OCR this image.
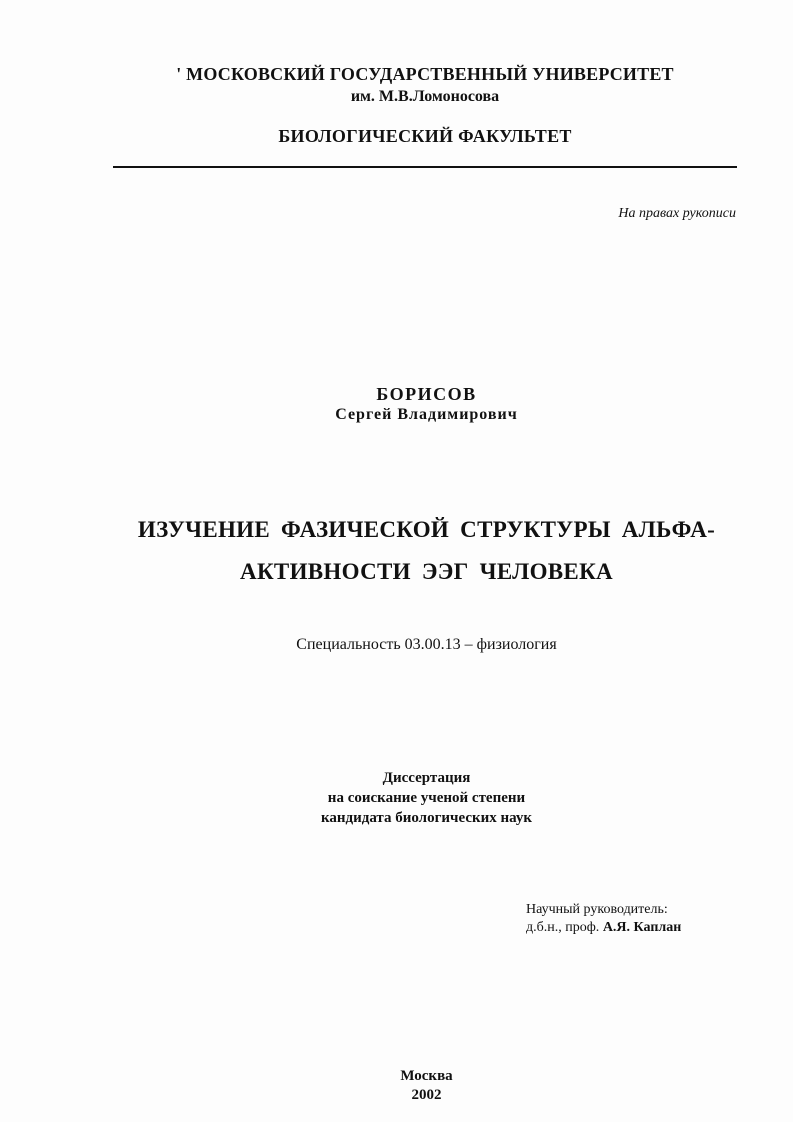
' МОСКОВСКИЙ ГОСУДАРСТВЕННЫЙ УНИВЕРСИТЕТ
им. М.В.Ломоносова
БИОЛОГИЧЕСКИЙ ФАКУЛЬТЕТ
На правах рукописи
БОРИСОВ
Сергей Владимирович
ИЗУЧЕНИЕ ФАЗИЧЕСКОЙ СТРУКТУРЫ АЛЬФА-
АКТИВНОСТИ ЭЭГ ЧЕЛОВЕКА
Специальность 03.00.13 – физиология
Диссертация
на соискание ученой степени
кандидата биологических наук
Научный руководитель:
д.б.н., проф. А.Я. Каплан
Москва
2002
